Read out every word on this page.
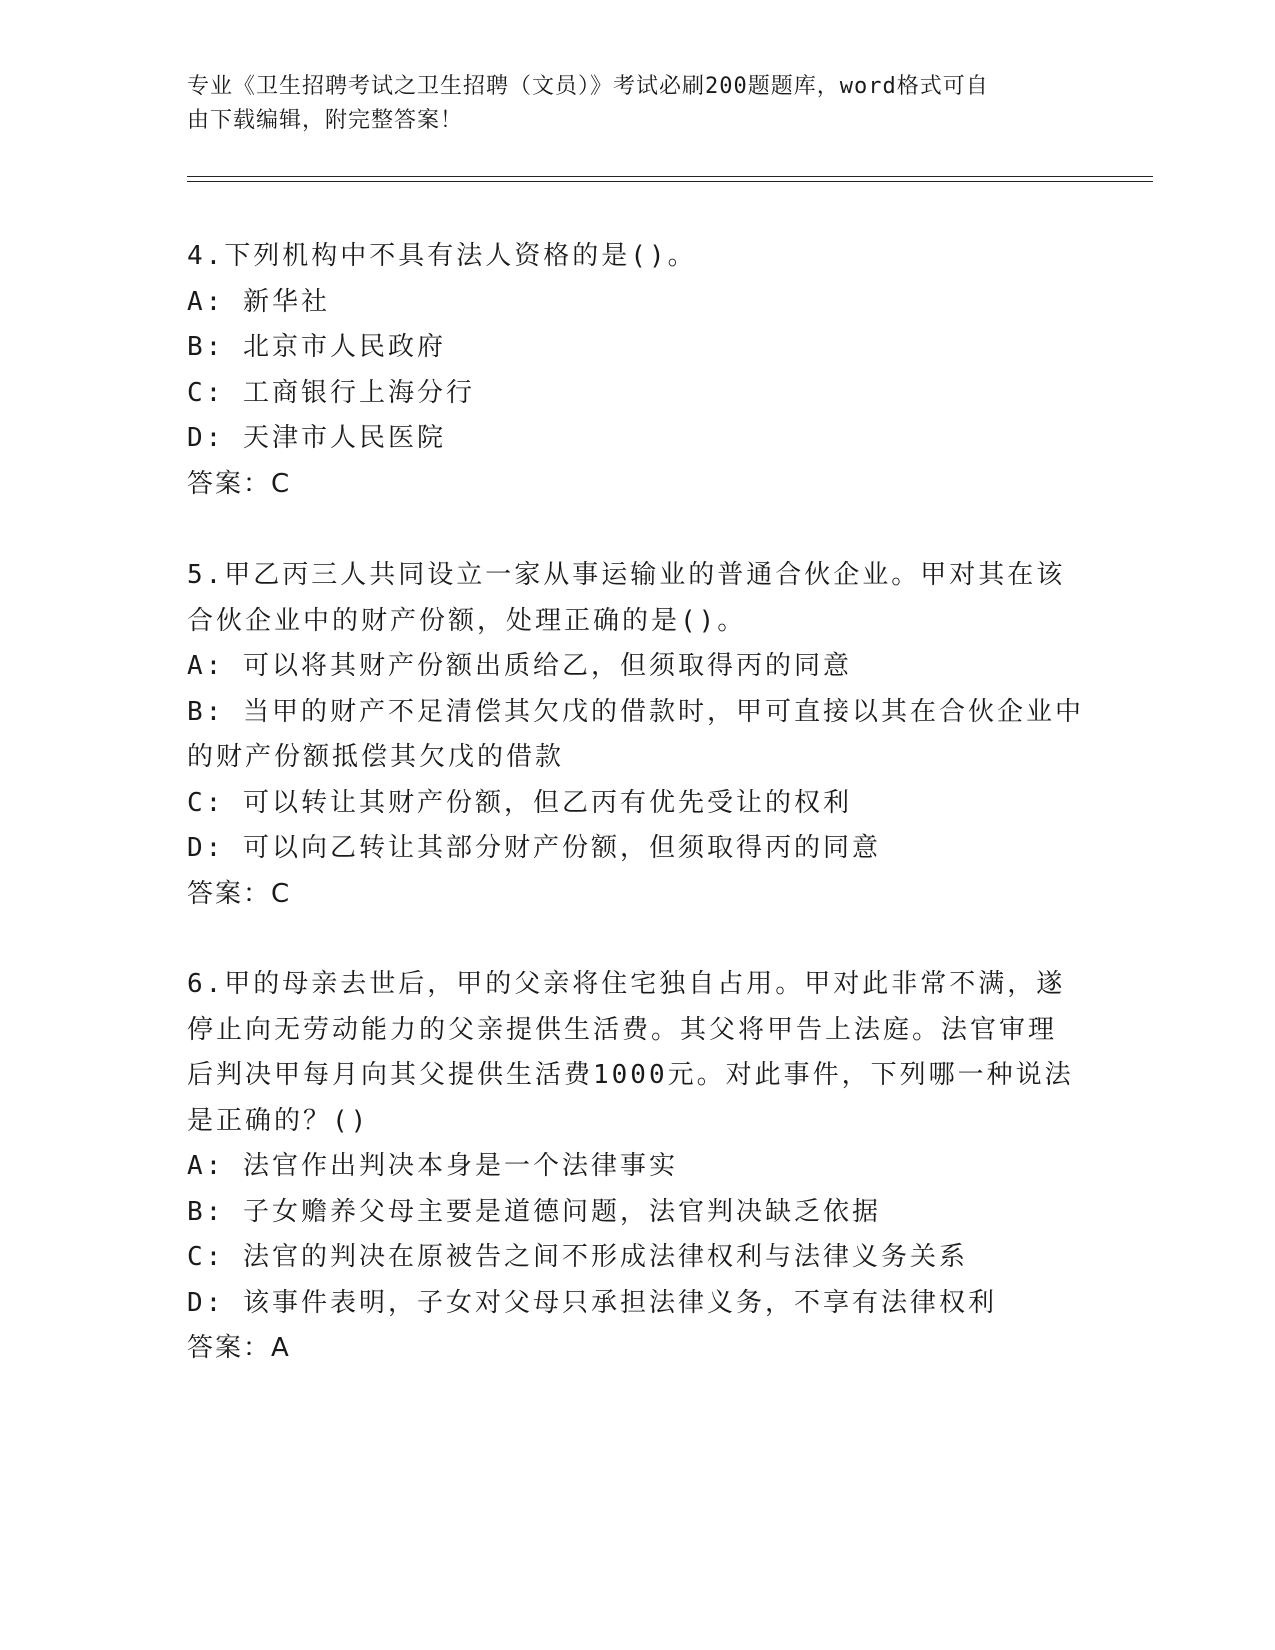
专业《卫生招聘考试之卫生招聘（文员）》考试必刷200题题库，word格式可自
由下载编辑，附完整答案！

4.下列机构中不具有法人资格的是()。

A: 新华社

B: 北京市人民政府

C: 工商银行上海分行

D: 天津市人民医院

答案：C

5.甲乙丙三人共同设立一家从事运输业的普通合伙企业。甲对其在该

合伙企业中的财产份额，处理正确的是()。

A: 可以将其财产份额出质给乙，但须取得丙的同意

B: 当甲的财产不足清偿其欠戊的借款时，甲可直接以其在合伙企业中

的财产份额抵偿其欠戊的借款

C: 可以转让其财产份额，但乙丙有优先受让的权利

D: 可以向乙转让其部分财产份额，但须取得丙的同意

答案：C

6.甲的母亲去世后，甲的父亲将住宅独自占用。甲对此非常不满，遂

停止向无劳动能力的父亲提供生活费。其父将甲告上法庭。法官审理

后判决甲每月向其父提供生活费1000元。对此事件，下列哪一种说法

是正确的？()

A: 法官作出判决本身是一个法律事实

B: 子女赡养父母主要是道德问题，法官判决缺乏依据

C: 法官的判决在原被告之间不形成法律权利与法律义务关系

D: 该事件表明，子女对父母只承担法律义务，不享有法律权利

答案：A
